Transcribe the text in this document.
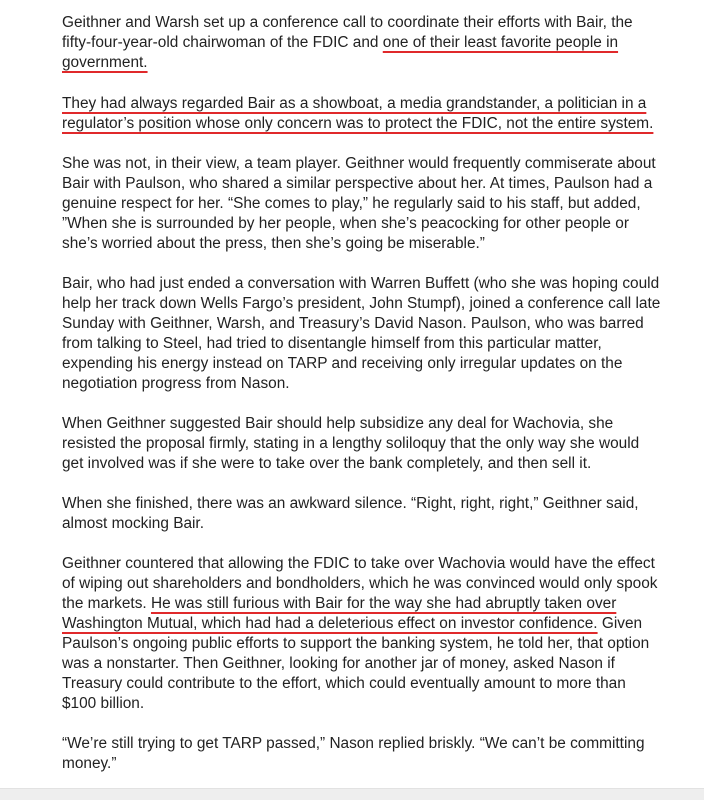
Geithner and Warsh set up a conference call to coordinate their efforts with Bair, the fifty-four-year-old chairwoman of the FDIC and one of their least favorite people in government.

They had always regarded Bair as a showboat, a media grandstander, a politician in a regulator’s position whose only concern was to protect the FDIC, not the entire system.

She was not, in their view, a team player. Geithner would frequently commiserate about Bair with Paulson, who shared a similar perspective about her. At times, Paulson had a genuine respect for her. “She comes to play,” he regularly said to his staff, but added, ”When she is surrounded by her people, when she’s peacocking for other people or she’s worried about the press, then she’s going be miserable.”

Bair, who had just ended a conversation with Warren Buffett (who she was hoping could help her track down Wells Fargo’s president, John Stumpf), joined a conference call late Sunday with Geithner, Warsh, and Treasury’s David Nason. Paulson, who was barred from talking to Steel, had tried to disentangle himself from this particular matter, expending his energy instead on TARP and receiving only irregular updates on the negotiation progress from Nason.

When Geithner suggested Bair should help subsidize any deal for Wachovia, she resisted the proposal firmly, stating in a lengthy soliloquy that the only way she would get involved was if she were to take over the bank completely, and then sell it.

When she finished, there was an awkward silence. “Right, right, right,” Geithner said, almost mocking Bair.

Geithner countered that allowing the FDIC to take over Wachovia would have the effect of wiping out shareholders and bondholders, which he was convinced would only spook the markets. He was still furious with Bair for the way she had abruptly taken over Washington Mutual, which had had a deleterious effect on investor confidence. Given Paulson’s ongoing public efforts to support the banking system, he told her, that option was a nonstarter. Then Geithner, looking for another jar of money, asked Nason if Treasury could contribute to the effort, which could eventually amount to more than $100 billion.

“We’re still trying to get TARP passed,” Nason replied briskly. “We can’t be committing money.”
